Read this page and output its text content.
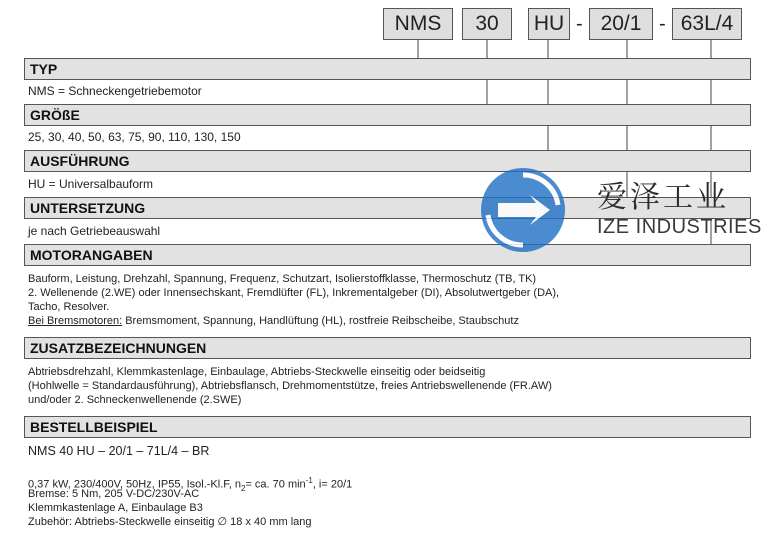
NMS	30	HU - 20/1 - 63L/4
TYP
NMS = Schneckengetriebemotor
GRÖßE
25, 30, 40, 50, 63, 75, 90, 110, 130, 150
AUSFÜHRUNG
HU = Universalbauform
UNTERSETZUNG
je nach Getriebeauswahl
MOTORANGABEN
Bauform, Leistung, Drehzahl, Spannung, Frequenz, Schutzart, Isolierstoffklasse, Thermoschutz (TB, TK)
2. Wellenende (2.WE) oder Innensechskant, Fremdlüfter (FL), Inkrementalgeber (DI), Absolutwertgeber (DA),
Tacho, Resolver.
Bei Bremsmotoren: Bremsmoment, Spannung, Handlüftung (HL), rostfreie Reibscheibe, Staubschutz
ZUSATZBEZEICHNUNGEN
Abtriebsdrehzahl, Klemmkastenlage, Einbaulage, Abtriebs-Steckwelle einseitig oder beidseitig
(Hohlwelle = Standardausführung), Abtriebsflansch, Drehmomentstütze, freies Antriebswellenende (FR.AW)
und/oder 2. Schneckenwellenende (2.SWE)
BESTELLBEISPIEL
NMS 40 HU – 20/1 – 71L/4 – BR
0,37 kW, 230/400V, 50Hz, IP55, Isol.-Kl.F, $n_2=$ ca. 70 $\min^{-1}$, i= 20/1
Bremse: 5 Nm, 205 V-DC/230V-AC
Klemmkastenlage A, Einbaulage B3
Zubehör: Abtriebs-Steckwelle einseitig ∅ 18 x 40 mm lang
爱泽工业
IZE INDUSTRIES
